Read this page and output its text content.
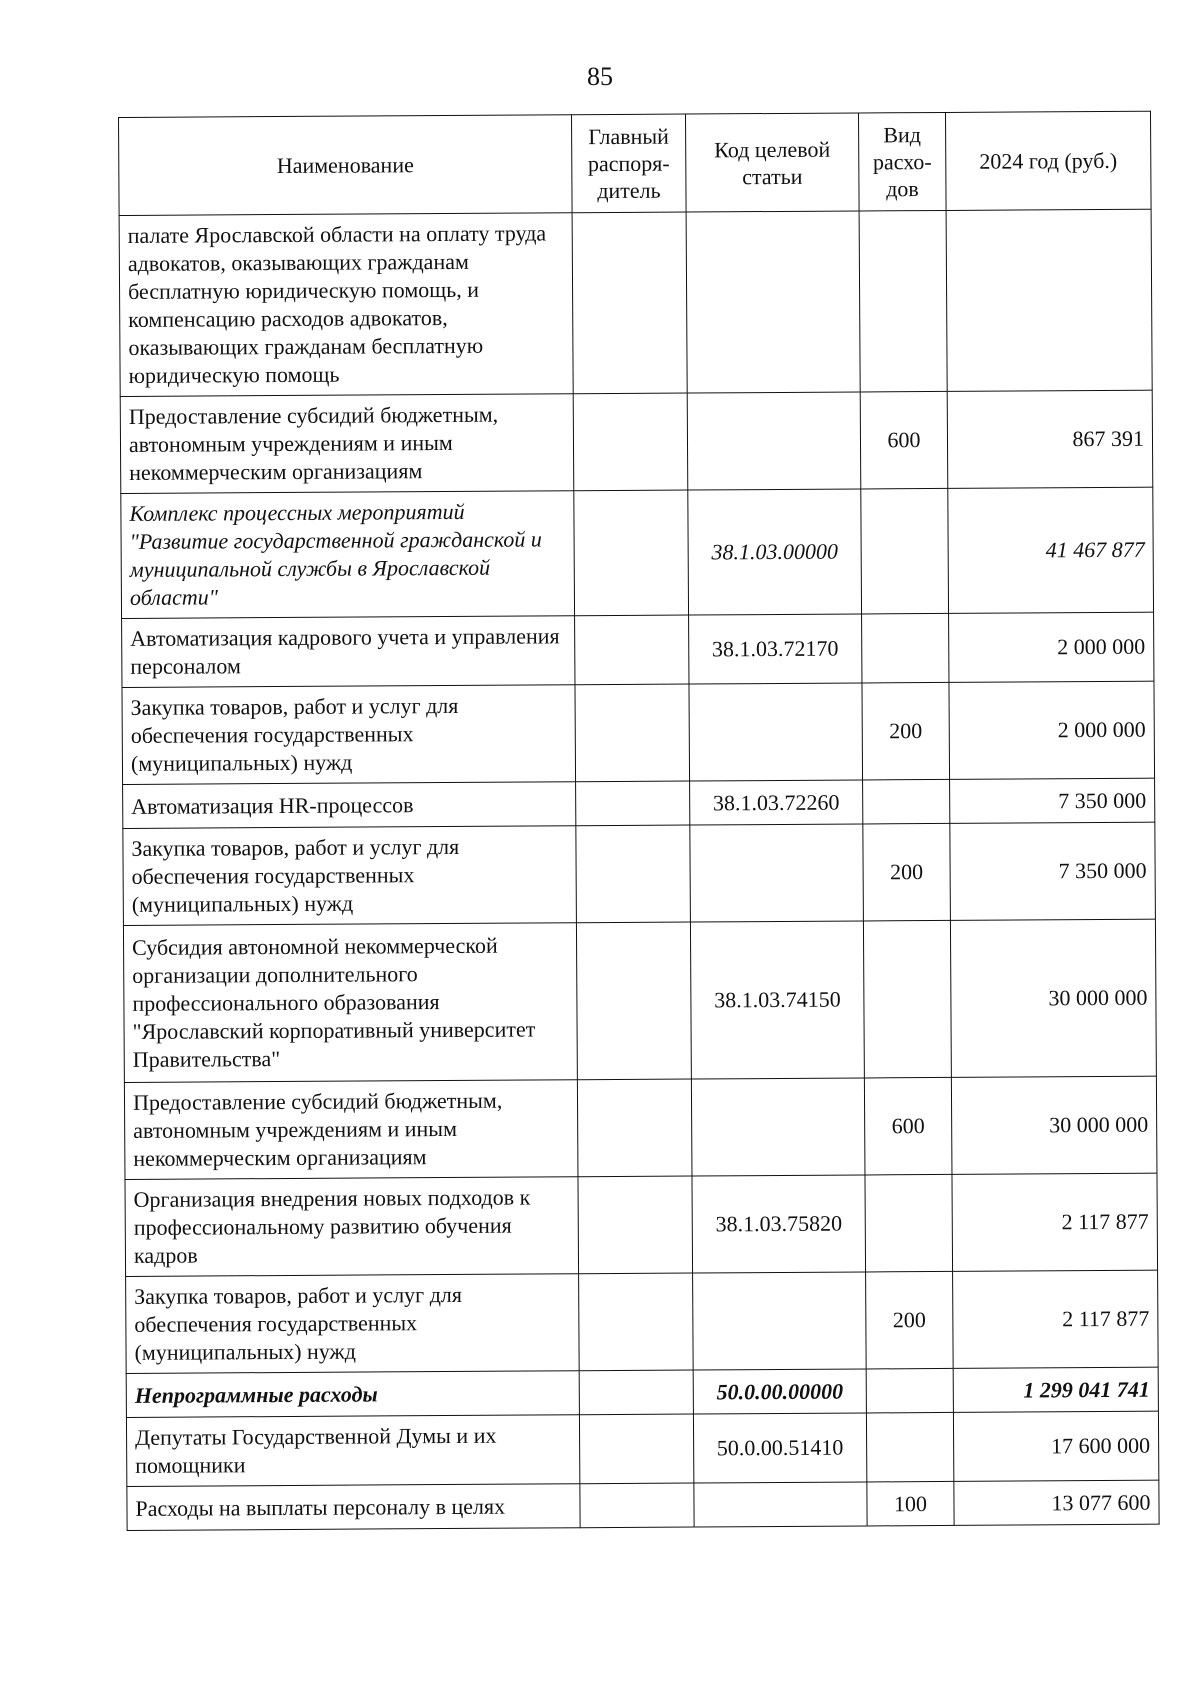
85
Наименование	Главный распоря-дитель	Код целевой статьи	Вид расхо-дов	2024 год (руб.)
палате Ярославской области на оплату труда адвокатов, оказывающих гражданам бесплатную юридическую помощь, и компенсацию расходов адвокатов, оказывающих гражданам бесплатную юридическую помощь				
Предоставление субсидий бюджетным, автономным учреждениям и иным некоммерческим организациям			600	867 391
Комплекс процессных мероприятий "Развитие государственной гражданской и муниципальной службы в Ярославской области"		38.1.03.00000		41 467 877
Автоматизация кадрового учета и управления персоналом		38.1.03.72170		2 000 000
Закупка товаров, работ и услуг для обеспечения государственных (муниципальных) нужд			200	2 000 000
Автоматизация HR-процессов		38.1.03.72260		7 350 000
Закупка товаров, работ и услуг для обеспечения государственных (муниципальных) нужд			200	7 350 000
Субсидия автономной некоммерческой организации дополнительного профессионального образования "Ярославский корпоративный университет Правительства"		38.1.03.74150		30 000 000
Предоставление субсидий бюджетным, автономным учреждениям и иным некоммерческим организациям			600	30 000 000
Организация внедрения новых подходов к профессиональному развитию обучения кадров		38.1.03.75820		2 117 877
Закупка товаров, работ и услуг для обеспечения государственных (муниципальных) нужд			200	2 117 877
Непрограммные расходы		50.0.00.00000		1 299 041 741
Депутаты Государственной Думы и их помощники		50.0.00.51410		17 600 000
Расходы на выплаты персоналу в целях			100	13 077 600
